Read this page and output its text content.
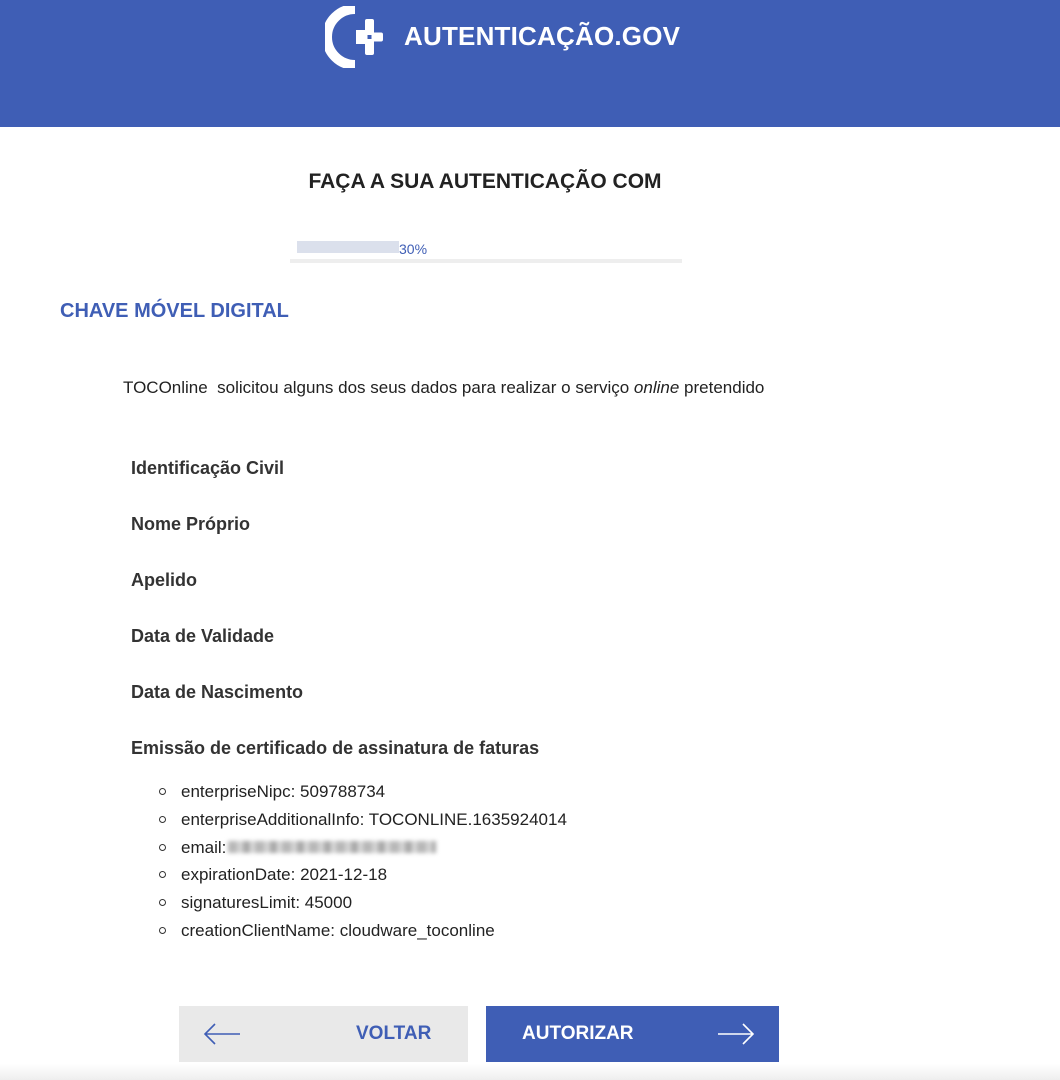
AUTENTICAÇÃO.GOV
FAÇA A SUA AUTENTICAÇÃO COM
30%
CHAVE MÓVEL DIGITAL
TOCOnline solicitou alguns dos seus dados para realizar o serviço online pretendido
Identificação Civil
Nome Próprio
Apelido
Data de Validade
Data de Nascimento
Emissão de certificado de assinatura de faturas
enterpriseNipc: 509788734
enterpriseAdditionalInfo: TOCONLINE.1635924014
email:
expirationDate: 2021-12-18
signaturesLimit: 45000
creationClientName: cloudware_toconline
VOLTAR	AUTORIZAR
